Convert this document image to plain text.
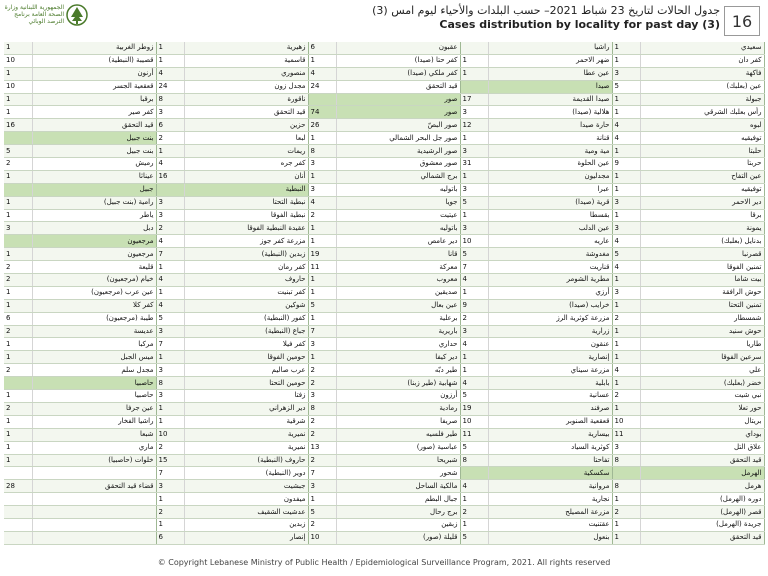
الجمهورية اللبنانية وزارة الصحة العامة برنامج الترصد الوبائي
جدول الحالات لتاريخ 23 شباط 2021– حسب البلدات والأحياء ليوم امس (3)
Cases distribution by locality for past day (3) 16
1	زوطر الغربية	1	زهيرية	6	عقبون		راشيا	1	سعيدي
10	قصيبة (النبطية)	1	قاسمية	1	كفر حتا (صيدا)	1	ضهر الاحمر	1	كفر دان
1	أرنون	4	منصوري	4	كفر ملكي (صيدا)	1	عين عطا	3	فاكهة
10	قعقعية الجسر	24	مجدل زون	24	قيد التحقق		صيدا	5	عين (بعلبك)
1	برقبا	8	ناقورة		صور	17	صيدا القديمة	1	جبولة
1	كفر صير	3	قيد التحقق	74	صور	3	هلالية (صيدا)	1	رأس بعلبك الشرقي
16	قيد التحقق	6	حزين	26	صور البصّ	12	حارة صيدا	4	لبوه
	بنت جبيل	2	لبعا	1	صور جل البحر الشمالي	1	قنانة	4	توفيقيه
5	بنت جبيل	1	ريمات	8	صور الرشيدية	3	مية ومية	1	حلبتا
2	رميش	4	كفر جره	3	صور معشوق	31	عين الحلوة	9	حربتا
1	عيناثا	16	أنان	1	برج الشمالي	1	مجدليون	1	عين التفاح
	جبيل		النبطية	3	باتوليه	3	عبرا	1	توفيقيه
1	رامية (بنت جبيل)	3	نبطية التحتا	4	جويا	5	قرية (صيدا)	3	دير الاحمر
1	ياطر	3	نبطية الفوقا	2	عيتيت	1	بقسطا	1	برقا
3	دبل	2	عقيدة النبطية الفوقا	1	باتوليه	3	عين الدلب	3	يمونة
	مرجعيون	4	مزرعة كفر جوز	1	دير عامص	10	عاريه	4	بدنايل (بعلبك)
1	مرجعيون	7	زبدين (النبطية)	19	قانا	5	مغدوشة	5	قصرنبا
2	قليعة	1	كفر رمان	11	معركة	7	قناريت	4	تمنين الفوقا
2	خيام (مرجعيون)	4	حاروف	1	معروب	4	مطرية الشومر	1	بيت شاما
1	عين عرب (مرجعيون)	1	كفر تبنيت	1	صديقين	1	أرزي	3	حوش الرافقة
1	كفر كلا	4	شوكين	5	عين بعال	9	خرايب (صيدا)	1	تمنين التحتا
6	طيبة (مرجعيون)	5	كفور (النبطية)	1	برعلية	2	مزرعة كوثرية الرز	2	شمسطار
2	عديسة	3	جباع (النبطية)	7	باريرية	3	زرارية	1	حوش سنيد
1	مركبا	7	كفر فيلا	3	حداري	4	عنقون	1	طاريا
1	ميس الجبل	1	حومين الفوقا	1	دير كيفا	1	إنصارية	1	سرعين الفوقا
2	مجدل سلم	3	عرب صاليم	2	طير دبّه	1	مزرعة سيناي	4	علي
	حاصبيا	8	حومين التحتا	2	شهابية (طير زبنا)	4	بابلية	1	خضر (بعلبك)
1	حاصبيا	3	زفتا	3	أرزون	5	عسانية	2	نبي شيت
2	عين جرفا	1	دير الزهراني	8	رمادية	19	صرفند	1	حور تعلا
1	راشيا الفخار	1	شرقية	2	صريفا	10	قعقعية الصنوبر	10	بريتال
1	شبعا	10	نميرية	2	طير فلسيه	11	بيسارية	11	بوداي
1	ماري	2	نميرية	13	عباسية (صور)	5	كوثرية السياد	3	علاق التل
1	خلوات (حاصبيا)	15	حاروف (النبطية)	2	شبريحا	8	تفاحتا	8	قيد التحقق
		7	دوير (النبطية)	7	شحور		سكسكية		الهرمل
28	قضاء قيد التحقق	3	جبشيت	3	مالكية الساحل	4	مروانية	8	هرمل
		1	ميفدون	1	جبال البطم	1	نجارية	1	دوره (الهرمل)
		2	عدشيت الشقيف	5	برج رحال	2	مزرعة المصيلح	2	قصر (الهرمل)
		1	زبدين	2	زبقين	1	عقتنيت	1	جريدة (الهرمل)
		6	إنصار	10	قليلة (صور)	5	بنعول	1	قيد التحقق
© Copyright Lebanese Ministry of Public Health / Epidemiological Surveillance Program, 2021. All rights reserved
